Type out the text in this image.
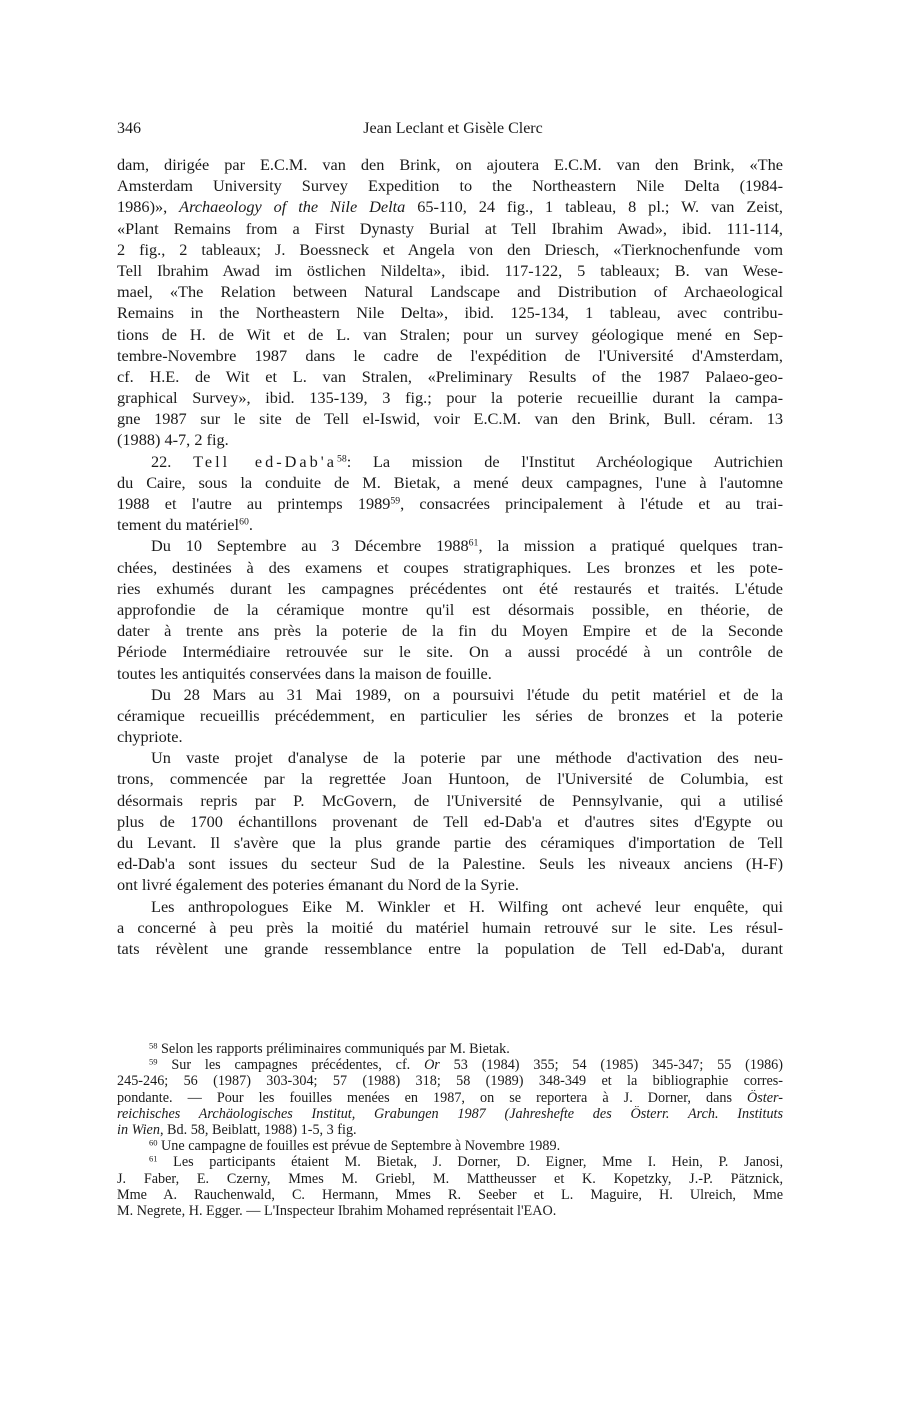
346	Jean Leclant et Gisèle Clerc
dam, dirigée par E.C.M. van den Brink, on ajoutera E.C.M. van den Brink, «The
Amsterdam University Survey Expedition to the Northeastern Nile Delta (1984-
1986)», Archaeology of the Nile Delta 65-110, 24 fig., 1 tableau, 8 pl.; W. van Zeist,
«Plant Remains from a First Dynasty Burial at Tell Ibrahim Awad», ibid. 111-114,
2 fig., 2 tableaux; J. Boessneck et Angela von den Driesch, «Tierknochenfunde vom
Tell Ibrahim Awad im östlichen Nildelta», ibid. 117-122, 5 tableaux; B. van Wese-
mael, «The Relation between Natural Landscape and Distribution of Archaeological
Remains in the Northeastern Nile Delta», ibid. 125-134, 1 tableau, avec contribu-
tions de H. de Wit et de L. van Stralen; pour un survey géologique mené en Sep-
tembre-Novembre 1987 dans le cadre de l'expédition de l'Université d'Amsterdam,
cf. H.E. de Wit et L. van Stralen, «Preliminary Results of the 1987 Palaeo-geo-
graphical Survey», ibid. 135-139, 3 fig.; pour la poterie recueillie durant la campa-
gne 1987 sur le site de Tell el-Iswid, voir E.C.M. van den Brink, Bull. céram. 13
(1988) 4-7, 2 fig.
22. Tell $ed-Dab'a^{58}$: La mission de l'Institut Archéologique Autrichien
du Caire, sous la conduite de M. Bietak, a mené deux campagnes, l'une à l'automne
1988 et l'autre au printemps 1989$^{59}$, consacrées principalement à l'étude et au trai-
tement du matériel$^{60}$.
Du 10 Septembre au 3 Décembre 1988$^{61}$, la mission a pratiqué quelques tran-
chées, destinées à des examens et coupes stratigraphiques. Les bronzes et les pote-
ries exhumés durant les campagnes précédentes ont été restaurés et traités. L'étude
approfondie de la céramique montre qu'il est désormais possible, en théorie, de
dater à trente ans près la poterie de la fin du Moyen Empire et de la Seconde
Période Intermédiaire retrouvée sur le site. On a aussi procédé à un contrôle de
toutes les antiquités conservées dans la maison de fouille.
Du 28 Mars au 31 Mai 1989, on a poursuivi l'étude du petit matériel et de la
céramique recueillis précédemment, en particulier les séries de bronzes et la poterie
chypriote.
Un vaste projet d'analyse de la poterie par une méthode d'activation des neu-
trons, commencée par la regrettée Joan Huntoon, de l'Université de Columbia, est
désormais repris par P. McGovern, de l'Université de Pennsylvanie, qui a utilisé
plus de 1700 échantillons provenant de Tell ed-Dab'a et d'autres sites d'Egypte ou
du Levant. Il s'avère que la plus grande partie des céramiques d'importation de Tell
ed-Dab'a sont issues du secteur Sud de la Palestine. Seuls les niveaux anciens (H-F)
ont livré également des poteries émanant du Nord de la Syrie.
Les anthropologues Eike M. Winkler et H. Wilfing ont achevé leur enquête, qui
a concerné à peu près la moitié du matériel humain retrouvé sur le site. Les résul-
tats révèlent une grande ressemblance entre la population de Tell ed-Dab'a, durant
$^{58}$ Selon les rapports préliminaires communiqués par M. Bietak.
$^{59}$ Sur les campagnes précédentes, cf. Or 53 (1984) 355; 54 (1985) 345-347; 55 (1986)
245-246; 56 (1987) 303-304; 57 (1988) 318; 58 (1989) 348-349 et la bibliographie corres-
pondante. — Pour les fouilles menées en 1987, on se reportera à J. Dorner, dans Öster-
reichisches Archäologisches Institut, Grabungen 1987 (Jahreshefte des Österr. Arch. Instituts
in Wien, Bd. 58, Beiblatt, 1988) 1-5, 3 fig.
$^{60}$ Une campagne de fouilles est prévue de Septembre à Novembre 1989.
$^{61}$ Les participants étaient M. Bietak, J. Dorner, D. Eigner, Mme I. Hein, P. Janosi,
J. Faber, E. Czerny, Mmes M. Griebl, M. Mattheusser et K. Kopetzky, J.-P. Pätznick,
Mme A. Rauchenwald, C. Hermann, Mmes R. Seeber et L. Maguire, H. Ulreich, Mme
M. Negrete, H. Egger. — L'Inspecteur Ibrahim Mohamed représentait l'EAO.
